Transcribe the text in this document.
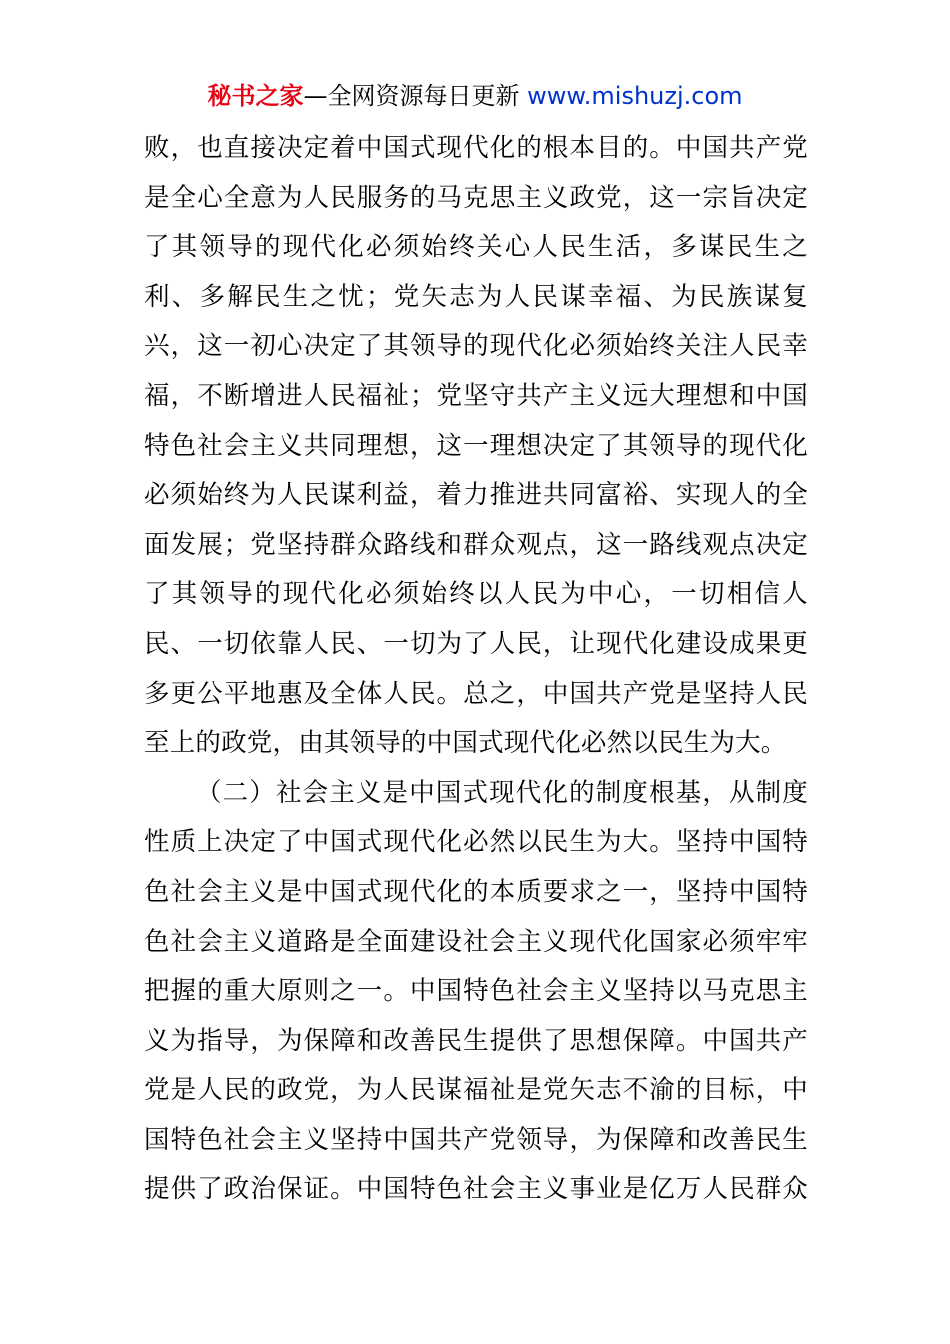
秘书之家—全网资源每日更新 www.mishuzj.com
败，也直接决定着中国式现代化的根本目的。中国共产党
是全心全意为人民服务的马克思主义政党，这一宗旨决定
了其领导的现代化必须始终关心人民生活，多谋民生之
利、多解民生之忧；党矢志为人民谋幸福、为民族谋复
兴，这一初心决定了其领导的现代化必须始终关注人民幸
福，不断增进人民福祉；党坚守共产主义远大理想和中国
特色社会主义共同理想，这一理想决定了其领导的现代化
必须始终为人民谋利益，着力推进共同富裕、实现人的全
面发展；党坚持群众路线和群众观点，这一路线观点决定
了其领导的现代化必须始终以人民为中心，一切相信人
民、一切依靠人民、一切为了人民，让现代化建设成果更
多更公平地惠及全体人民。总之，中国共产党是坚持人民
至上的政党，由其领导的中国式现代化必然以民生为大。
（二）社会主义是中国式现代化的制度根基，从制度
性质上决定了中国式现代化必然以民生为大。坚持中国特
色社会主义是中国式现代化的本质要求之一，坚持中国特
色社会主义道路是全面建设社会主义现代化国家必须牢牢
把握的重大原则之一。中国特色社会主义坚持以马克思主
义为指导，为保障和改善民生提供了思想保障。中国共产
党是人民的政党，为人民谋福祉是党矢志不渝的目标，中
国特色社会主义坚持中国共产党领导，为保障和改善民生
提供了政治保证。中国特色社会主义事业是亿万人民群众
